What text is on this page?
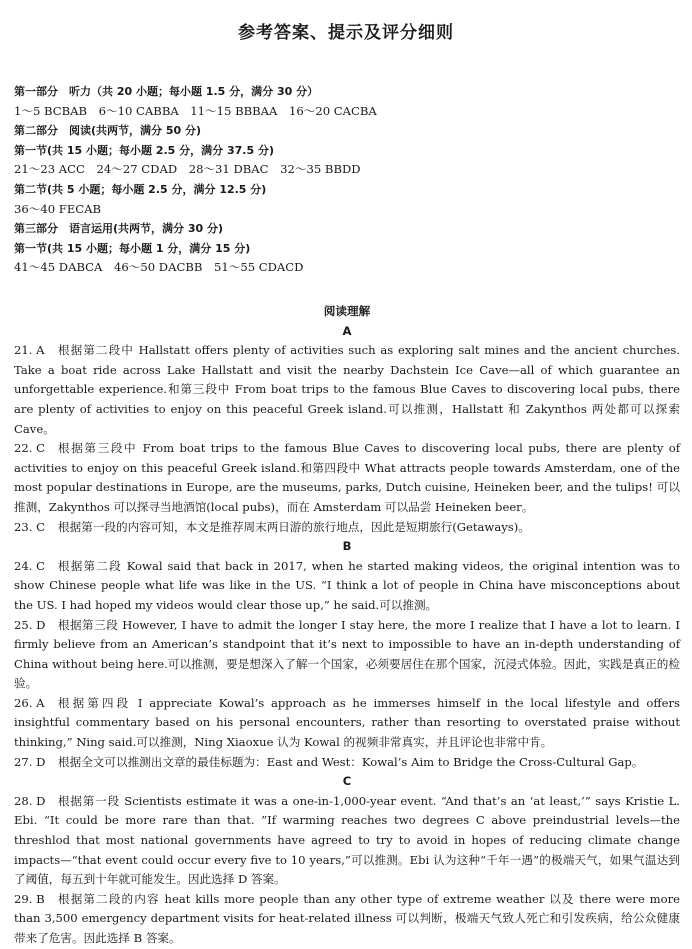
参考答案、提示及评分细则
第一部分　听力（共 20 小题；每小题 1.5 分，满分 30 分）
1～5 BCBAB　6～10 CABBA　11～15 BBBAA　16～20 CACBA
第二部分　阅读(共两节，满分 50 分)
第一节(共 15 小题；每小题 2.5 分，满分 37.5 分)
21～23 ACC　24～27 CDAD　28～31 DBAC　32～35 BBDD
第二节(共 5 小题；每小题 2.5 分，满分 12.5 分)
36～40 FECAB
第三部分　语言运用(共两节，满分 30 分)
第一节(共 15 小题；每小题 1 分，满分 15 分)
41～45 DABCA　46～50 DACBB　51～55 CDACD
阅读理解
A
21. A	根据第二段中 Hallstatt offers plenty of activities such as exploring salt mines and the ancient churches. Take a boat ride across Lake Hallstatt and visit the nearby Dachstein Ice Cave—all of which guarantee an unforgettable experience.和第三段中 From boat trips to the famous Blue Caves to discovering local pubs, there are plenty of activities to enjoy on this peaceful Greek island.可以推测，Hallstatt 和 Zakynthos 两处都可以探索 Cave。
22. C	根据第三段中 From boat trips to the famous Blue Caves to discovering local pubs, there are plenty of activities to enjoy on this peaceful Greek island.和第四段中 What attracts people towards Amsterdam, one of the most popular destinations in Europe, are the museums, parks, Dutch cuisine, Heineken beer, and the tulips! 可以推测，Zakynthos 可以探寻当地酒馆(local pubs)，而在 Amsterdam 可以品尝 Heineken beer。
23. C	根据第一段的内容可知，本文是推荐周末两日游的旅行地点，因此是短期旅行(Getaways)。
B
24. C	根据第二段 Kowal said that back in 2017, when he started making videos, the original intention was to show Chinese people what life was like in the US. “I think a lot of people in China have misconceptions about the US. I had hoped my videos would clear those up,” he said.可以推测。
25. D	根据第三段 However, I have to admit the longer I stay here, the more I realize that I have a lot to learn. I firmly believe from an American’s standpoint that it’s next to impossible to have an in-depth understanding of China without being here.可以推测，要是想深入了解一个国家，必须要居住在那个国家，沉浸式体验。因此，实践是真正的检验。
26. A	根据第四段 I appreciate Kowal’s approach as he immerses himself in the local lifestyle and offers insightful commentary based on his personal encounters, rather than resorting to overstated praise without thinking,” Ning said.可以推测，Ning Xiaoxue 认为 Kowal 的视频非常真实，并且评论也非常中肯。
27. D	根据全文可以推测出文章的最佳标题为：East and West：Kowal’s Aim to Bridge the Cross-Cultural Gap。
C
28. D	根据第一段 Scientists estimate it was a one-in-1,000-year event. “And that’s an ‘at least,’” says Kristie L. Ebi. “It could be more rare than that. ”If warming reaches two degrees C above preindustrial levels—the threshlod that most national governments have agreed to try to avoid in hopes of reducing climate change impacts—“that event could occur every five to 10 years,”可以推测。Ebi 认为这种“千年一遇”的极端天气，如果气温达到了阈值，每五到十年就可能发生。因此选择 D 答案。
29. B	根据第二段的内容 heat kills more people than any other type of extreme weather 以及 there were more than 3,500 emergency department visits for heat-related illness 可以判断，极端天气致人死亡和引发疾病，给公众健康带来了危害。因此选择 B 答案。
